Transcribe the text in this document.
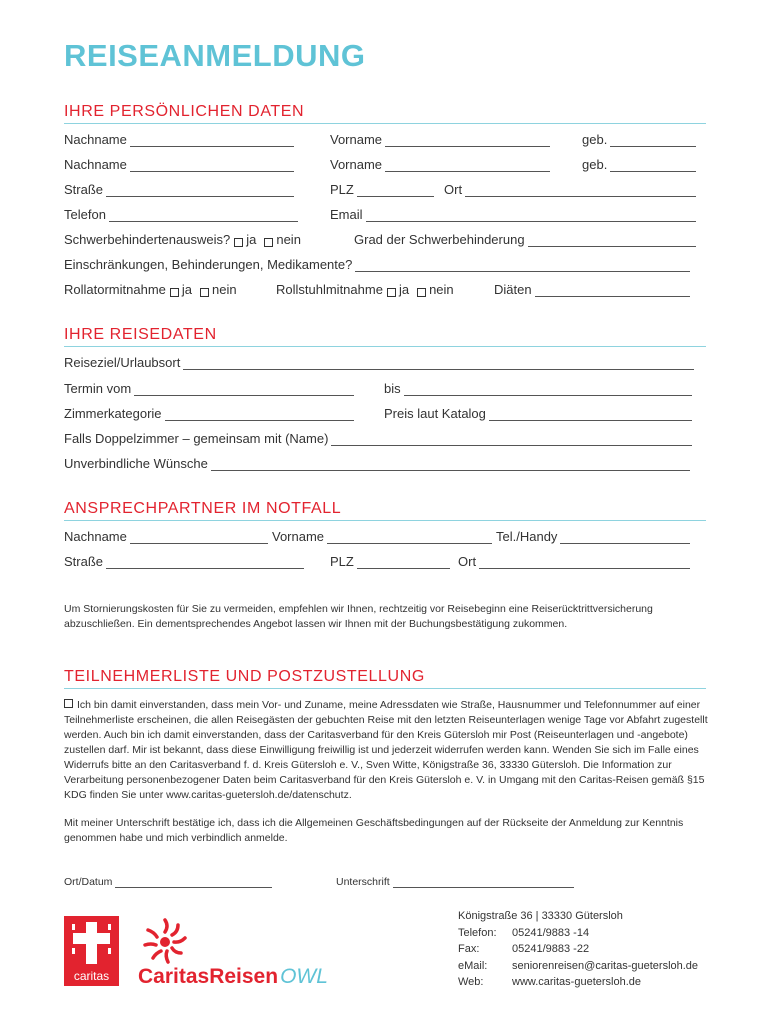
REISEANMELDUNG
IHRE PERSÖNLICHEN DATEN
Nachname	Vorname	geb.
Nachname	Vorname	geb.
Straße	PLZ	Ort
Telefon	Email
Schwerbehindertenausweis? ja nein	Grad der Schwerbehinderung
Einschränkungen, Behinderungen, Medikamente?
Rollatormitnahme ja nein	Rollstuhlmitnahme ja nein	Diäten
IHRE REISEDATEN
Reiseziel/Urlaubsort
Termin vom	bis
Zimmerkategorie	Preis laut Katalog
Falls Doppelzimmer – gemeinsam mit (Name)
Unverbindliche Wünsche
ANSPRECHPARTNER IM NOTFALL
Nachname	Vorname	Tel./Handy
Straße	PLZ	Ort
Um Stornierungskosten für Sie zu vermeiden, empfehlen wir Ihnen, rechtzeitig vor Reisebeginn eine Reiserücktrittversicherung abzuschließen. Ein dementsprechendes Angebot lassen wir Ihnen mit der Buchungsbestätigung zukommen.
TEILNEHMERLISTE UND POSTZUSTELLUNG
Ich bin damit einverstanden, dass mein Vor- und Zuname, meine Adressdaten wie Straße, Hausnummer und Telefonnummer auf einer Teilnehmerliste erscheinen, die allen Reisegästen der gebuchten Reise mit den letzten Reiseunterlagen wenige Tage vor Abfahrt zugestellt werden. Auch bin ich damit einverstanden, dass der Caritasverband für den Kreis Gütersloh mir Post (Reiseunterlagen und -angebote) zustellen darf. Mir ist bekannt, dass diese Einwilligung freiwillig ist und jederzeit widerrufen werden kann. Wenden Sie sich im Falle eines Widerrufs bitte an den Caritasverband f. d. Kreis Gütersloh e. V., Sven Witte, Königstraße 36, 33330 Gütersloh. Die Information zur Verarbeitung personenbezogener Daten beim Caritasverband für den Kreis Gütersloh e. V. in Umgang mit den Caritas-Reisen gemäß §15 KDG finden Sie unter www.caritas-guetersloh.de/datenschutz.
Mit meiner Unterschrift bestätige ich, dass ich die Allgemeinen Geschäftsbedingungen auf der Rückseite der Anmeldung zur Kenntnis genommen habe und mich verbindlich anmelde.
Ort/Datum	Unterschrift
caritas	CaritasReisenOWL
Königstraße 36 | 33330 Gütersloh
Telefon: 05241/9883 -14
Fax:	05241/9883 -22
eMail: seniorenreisen@caritas-guetersloh.de
Web:	www.caritas-guetersloh.de
